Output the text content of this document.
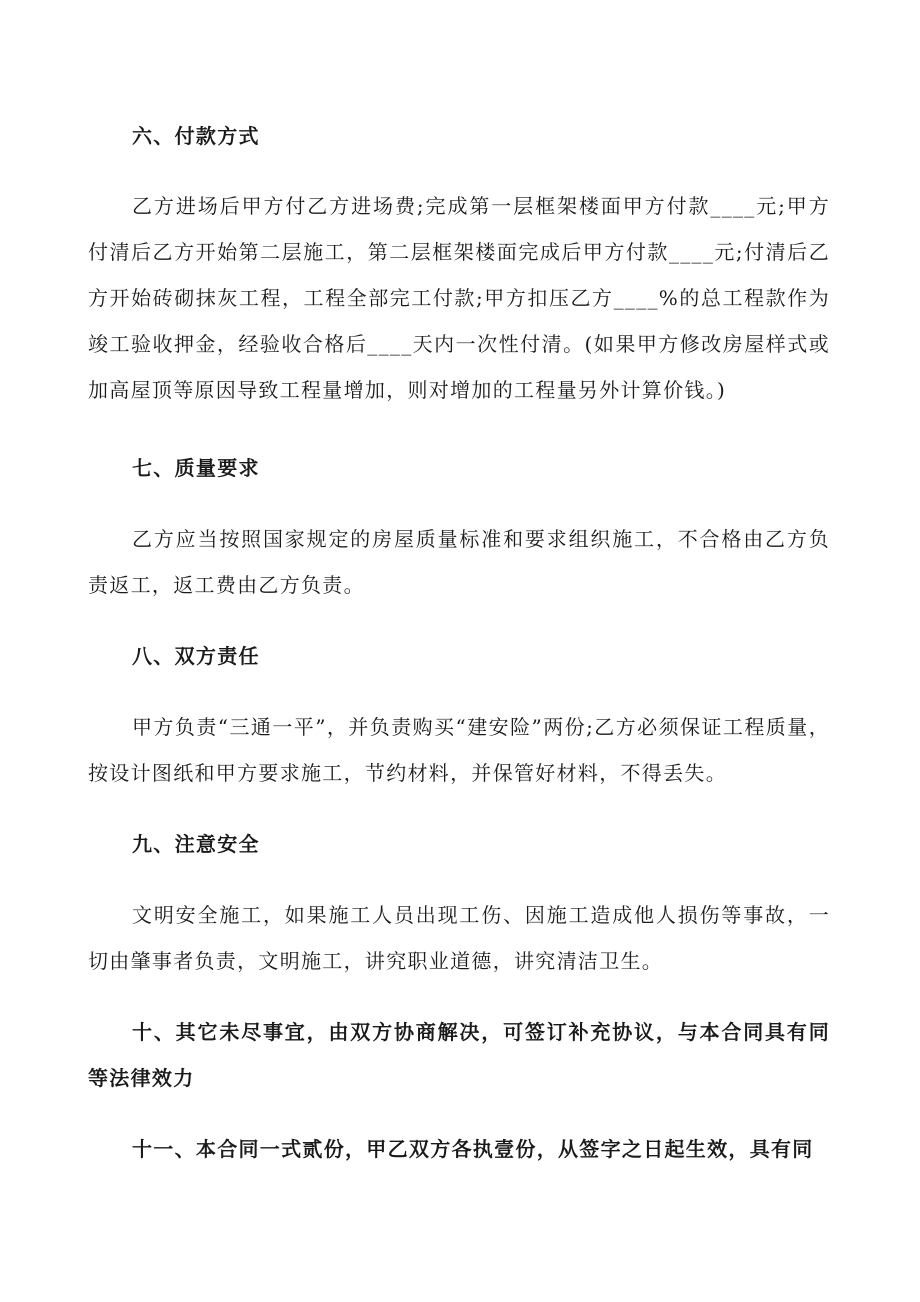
六、付款方式

乙方进场后甲方付乙方进场费;完成第一层框架楼面甲方付款____元;甲方付清后乙方开始第二层施工，第二层框架楼面完成后甲方付款____元;付清后乙方开始砖砌抹灰工程，工程全部完工付款;甲方扣压乙方____%的总工程款作为竣工验收押金，经验收合格后____天内一次性付清。(如果甲方修改房屋样式或加高屋顶等原因导致工程量增加，则对增加的工程量另外计算价钱。)

七、质量要求

乙方应当按照国家规定的房屋质量标准和要求组织施工，不合格由乙方负责返工，返工费由乙方负责。

八、双方责任

甲方负责“三通一平”，并负责购买“建安险”两份;乙方必须保证工程质量，按设计图纸和甲方要求施工，节约材料，并保管好材料，不得丢失。

九、注意安全

文明安全施工，如果施工人员出现工伤、因施工造成他人损伤等事故，一切由肇事者负责，文明施工，讲究职业道德，讲究清洁卫生。

十、其它未尽事宜，由双方协商解决，可签订补充协议，与本合同具有同等法律效力

十一、本合同一式贰份，甲乙双方各执壹份，从签字之日起生效，具有同
